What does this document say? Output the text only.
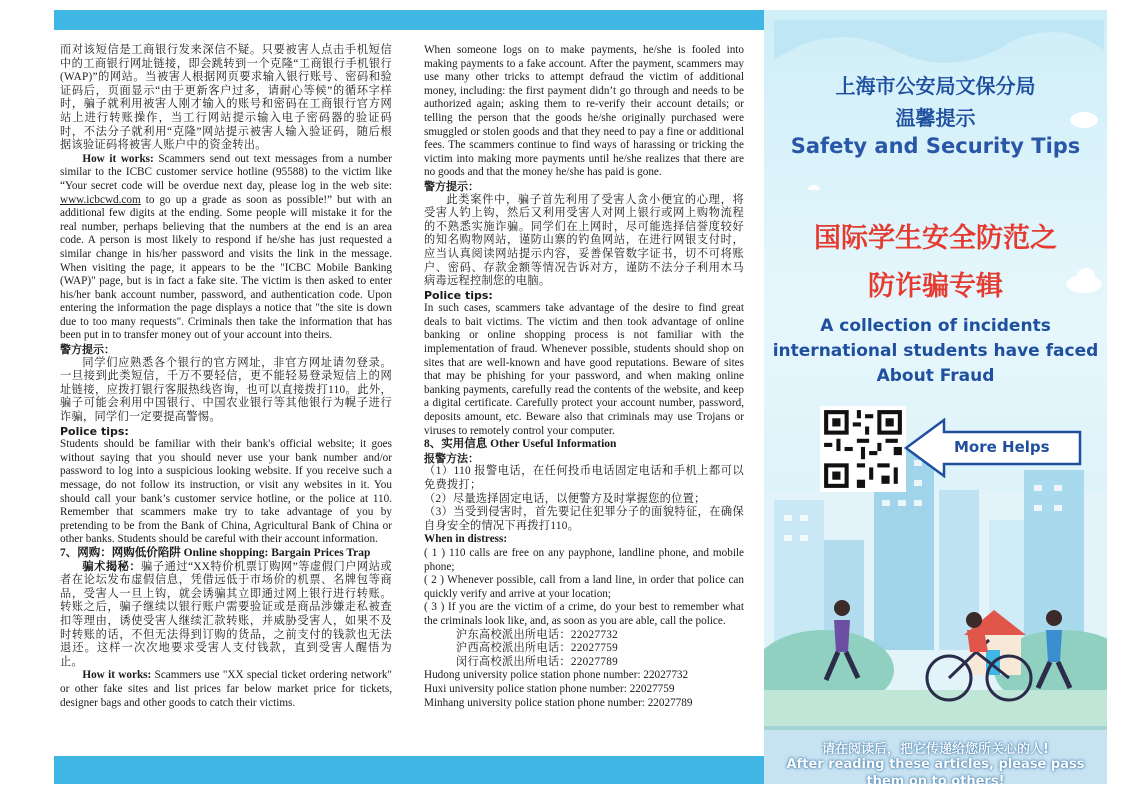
而对该短信是工商银行发来深信不疑。只要被害人点击手机短信中的工商银行网址链接，即会跳转到一个克隆“工商银行手机银行(WAP)”的网站。当被害人根据网页要求输入银行账号、密码和验证码后，页面显示“由于更新客户过多，请耐心等候”的循环字样时，骗子就利用被害人刚才输入的账号和密码在工商银行官方网站上进行转账操作，当工行网站提示输入电子密码器的验证码时，不法分子就利用“克隆”网站提示被害人输入验证码，随后根据该验证码将被害人账户中的资金转出。

How it works: Scammers send out text messages from a number similar to the ICBC customer service hotline (95588) to the victim like “Your secret code will be overdue next day, please log in the web site: www.icbcwd.com to go up a grade as soon as possible!” but with an additional few digits at the ending. Some people will mistake it for the real number, perhaps believing that the numbers at the end is an area code. A person is most likely to respond if he/she has just requested a similar change in his/her password and visits the link in the message. When visiting the page, it appears to be the "ICBC Mobile Banking (WAP)" page, but is in fact a fake site. The victim is then asked to enter his/her bank account number, password, and authentication code. Upon entering the information the page displays a notice that "the site is down due to too many requests". Criminals then take the information that has been put in to transfer money out of your account into theirs.

警方提示：

同学们应熟悉各个银行的官方网址，非官方网址请勿登录。一旦接到此类短信，千万不要轻信，更不能轻易登录短信上的网址链接，应拨打银行客服热线咨询，也可以直接拨打110。此外，骗子可能会利用中国银行、中国农业银行等其他银行为幌子进行诈骗，同学们一定要提高警惕。

Police tips:

Students should be familiar with their bank's official website; it goes without saying that you should never use your bank number and/or password to log into a suspicious looking website. If you receive such a message, do not follow its instruction, or visit any websites in it. You should call your bank’s customer service hotline, or the police at 110. Remember that scammers make try to take advantage of you by pretending to be from the Bank of China, Agricultural Bank of China or other banks. Students should be careful with their account information.

7、网购：网购低价陷阱 Online shopping: Bargain Prices Trap

骗术揭秘：骗子通过“XX特价机票订购网”等虚假门户网站或者在论坛发布虚假信息，凭借远低于市场价的机票、名牌包等商品，受害人一旦上钩，就会诱骗其立即通过网上银行进行转账。转账之后，骗子继续以银行账户需要验证或是商品涉嫌走私被查扣等理由，诱使受害人继续汇款转账，并威胁受害人，如果不及时转账的话，不但无法得到订购的货品，之前支付的钱款也无法退还。这样一次次地要求受害人支付钱款，直到受害人醒悟为止。

How it works: Scammers use "XX special ticket ordering network" or other fake sites and list prices far below market price for tickets, designer bags and other goods to catch their victims.

When someone logs on to make payments, he/she is fooled into making payments to a fake account. After the payment, scammers may use many other tricks to attempt defraud the victim of additional money, including: the first payment didn’t go through and needs to be authorized again; asking them to re-verify their account details; or telling the person that the goods he/she originally purchased were smuggled or stolen goods and that they need to pay a fine or additional fees. The scammers continue to find ways of harassing or tricking the victim into making more payments until he/she realizes that there are no goods and that the money he/she has paid is gone.

警方提示：

此类案件中，骗子首先利用了受害人贪小便宜的心理，将受害人钓上钩，然后又利用受害人对网上银行或网上购物流程的不熟悉实施诈骗。同学们在上网时，尽可能选择信誉度较好的知名购物网站，谨防山寨的钓鱼网站，在进行网银支付时，应当认真阅读网站提示内容，妥善保管数字证书，切不可将账户、密码、存款金额等情况告诉对方，谨防不法分子利用木马病毒远程控制您的电脑。

Police tips:

In such cases, scammers take advantage of the desire to find great deals to bait victims. The victim and then took advantage of online banking or online shopping process is not familiar with the implementation of fraud. Whenever possible, students should shop on sites that are well-known and have good reputations. Beware of sites that may be phishing for your password, and when making online banking payments, carefully read the contents of the website, and keep a digital certificate. Carefully protect your account number, password, deposits amount, etc. Beware also that criminals may use Trojans or viruses to remotely control your computer.

8、实用信息 Other Useful Information

报警方法：

（1）110 报警电话，在任何投币电话固定电话和手机上都可以免费拨打；

（2）尽量选择固定电话，以便警方及时掌握您的位置；

（3）当受到侵害时，首先要记住犯罪分子的面貌特征，在确保自身安全的情况下再拨打110。

When in distress:

( 1 ) 110 calls are free on any payphone, landline phone, and mobile phone;

( 2 ) Whenever possible, call from a land line, in order that police can quickly verify and arrive at your location;

( 3 ) If you are the victim of a crime, do your best to remember what the criminals look like, and, as soon as you are able, call the police.

沪东高校派出所电话：22027732

沪西高校派出所电话：22027759

闵行高校派出所电话：22027789

Hudong university police station phone number: 22027732

Huxi university police station phone number: 22027759

Minhang university police station phone number: 22027789

上海市公安局文保分局
温馨提示
Safety and Security Tips
国际学生安全防范之
防诈骗专辑
A collection of incidents
international students have faced
About Fraud
More Helps
请在阅读后，把它传递给您所关心的人!
After reading these articles, please pass
them on to others!
